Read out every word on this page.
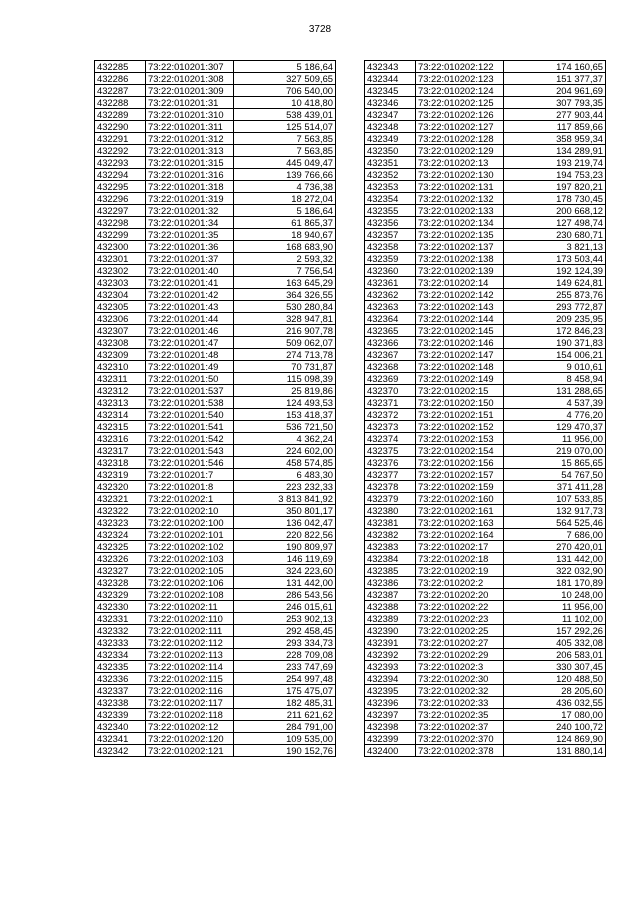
3728
432285	73:22:010201:307	5 186,64
432286	73:22:010201:308	327 509,65
432287	73:22:010201:309	706 540,00
432288	73:22:010201:31	10 418,80
432289	73:22:010201:310	538 439,01
432290	73:22:010201:311	125 514,07
432291	73:22:010201:312	7 563,85
432292	73:22:010201:313	7 563,85
432293	73:22:010201:315	445 049,47
432294	73:22:010201:316	139 766,66
432295	73:22:010201:318	4 736,38
432296	73:22:010201:319	18 272,04
432297	73:22:010201:32	5 186,64
432298	73:22:010201:34	61 865,37
432299	73:22:010201:35	18 940,67
432300	73:22:010201:36	168 683,90
432301	73:22:010201:37	2 593,32
432302	73:22:010201:40	7 756,54
432303	73:22:010201:41	163 645,29
432304	73:22:010201:42	364 326,55
432305	73:22:010201:43	530 280,84
432306	73:22:010201:44	328 947,81
432307	73:22:010201:46	216 907,78
432308	73:22:010201:47	509 062,07
432309	73:22:010201:48	274 713,78
432310	73:22:010201:49	70 731,87
432311	73:22:010201:50	115 098,39
432312	73:22:010201:537	25 819,86
432313	73:22:010201:538	124 493,53
432314	73:22:010201:540	153 418,37
432315	73:22:010201:541	536 721,50
432316	73:22:010201:542	4 362,24
432317	73:22:010201:543	224 602,00
432318	73:22:010201:546	458 574,85
432319	73:22:010201:7	6 483,30
432320	73:22:010201:8	223 232,33
432321	73:22:010202:1	3 813 841,92
432322	73:22:010202:10	350 801,17
432323	73:22:010202:100	136 042,47
432324	73:22:010202:101	220 822,56
432325	73:22:010202:102	190 809,97
432326	73:22:010202:103	146 119,69
432327	73:22:010202:105	324 223,60
432328	73:22:010202:106	131 442,00
432329	73:22:010202:108	286 543,56
432330	73:22:010202:11	246 015,61
432331	73:22:010202:110	253 902,13
432332	73:22:010202:111	292 458,45
432333	73:22:010202:112	293 334,73
432334	73:22:010202:113	228 709,08
432335	73:22:010202:114	233 747,69
432336	73:22:010202:115	254 997,48
432337	73:22:010202:116	175 475,07
432338	73:22:010202:117	182 485,31
432339	73:22:010202:118	211 621,62
432340	73:22:010202:12	284 791,00
432341	73:22:010202:120	109 535,00
432342	73:22:010202:121	190 152,76
432343	73:22:010202:122	174 160,65
432344	73:22:010202:123	151 377,37
432345	73:22:010202:124	204 961,69
432346	73:22:010202:125	307 793,35
432347	73:22:010202:126	277 903,44
432348	73:22:010202:127	117 859,66
432349	73:22:010202:128	358 959,34
432350	73:22:010202:129	134 289,91
432351	73:22:010202:13	193 219,74
432352	73:22:010202:130	194 753,23
432353	73:22:010202:131	197 820,21
432354	73:22:010202:132	178 730,45
432355	73:22:010202:133	200 668,12
432356	73:22:010202:134	127 498,74
432357	73:22:010202:135	230 680,71
432358	73:22:010202:137	3 821,13
432359	73:22:010202:138	173 503,44
432360	73:22:010202:139	192 124,39
432361	73:22:010202:14	149 624,81
432362	73:22:010202:142	255 873,76
432363	73:22:010202:143	293 772,87
432364	73:22:010202:144	209 235,95
432365	73:22:010202:145	172 846,23
432366	73:22:010202:146	190 371,83
432367	73:22:010202:147	154 006,21
432368	73:22:010202:148	9 010,61
432369	73:22:010202:149	8 458,94
432370	73:22:010202:15	131 288,65
432371	73:22:010202:150	4 537,39
432372	73:22:010202:151	4 776,20
432373	73:22:010202:152	129 470,37
432374	73:22:010202:153	11 956,00
432375	73:22:010202:154	219 070,00
432376	73:22:010202:156	15 865,65
432377	73:22:010202:157	54 767,50
432378	73:22:010202:159	371 411,28
432379	73:22:010202:160	107 533,85
432380	73:22:010202:161	132 917,73
432381	73:22:010202:163	564 525,46
432382	73:22:010202:164	7 686,00
432383	73:22:010202:17	270 420,01
432384	73:22:010202:18	131 442,00
432385	73:22:010202:19	322 032,90
432386	73:22:010202:2	181 170,89
432387	73:22:010202:20	10 248,00
432388	73:22:010202:22	11 956,00
432389	73:22:010202:23	11 102,00
432390	73:22:010202:25	157 292,26
432391	73:22:010202:27	405 332,08
432392	73:22:010202:29	206 583,01
432393	73:22:010202:3	330 307,45
432394	73:22:010202:30	120 488,50
432395	73:22:010202:32	28 205,60
432396	73:22:010202:33	436 032,55
432397	73:22:010202:35	17 080,00
432398	73:22:010202:37	240 100,72
432399	73:22:010202:370	124 869,90
432400	73:22:010202:378	131 880,14
